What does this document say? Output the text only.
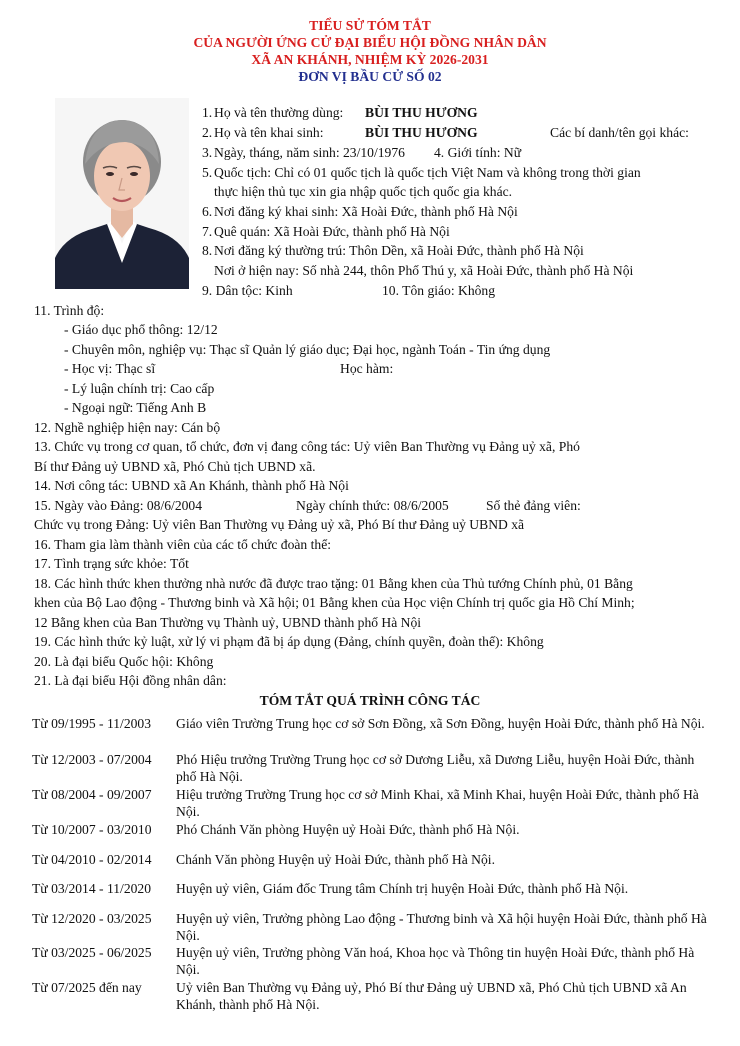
TIỂU SỬ TÓM TẮT
CỦA NGƯỜI ỨNG CỬ ĐẠI BIỂU HỘI ĐỒNG NHÂN DÂN
XÃ AN KHÁNH, NHIỆM KỲ 2026-2031
ĐƠN VỊ BẦU CỬ SỐ 02
1. Họ và tên thường dùng: BÙI THU HƯƠNG
2. Họ và tên khai sinh:	BÙI THU HƯƠNG	Các bí danh/tên gọi khác:
3. Ngày, tháng, năm sinh: 23/10/1976 4. Giới tính: Nữ
5. Quốc tịch: Chỉ có 01 quốc tịch là quốc tịch Việt Nam và không trong thời gian
thực hiện thủ tục xin gia nhập quốc tịch quốc gia khác.
6. Nơi đăng ký khai sinh: Xã Hoài Đức, thành phố Hà Nội
7. Quê quán: Xã Hoài Đức, thành phố Hà Nội
8. Nơi đăng ký thường trú: Thôn Dền, xã Hoài Đức, thành phố Hà Nội
Nơi ở hiện nay: Số nhà 244, thôn Phố Thú y, xã Hoài Đức, thành phố Hà Nội
9. Dân tộc: Kinh	10. Tôn giáo: Không
11. Trình độ:
- Giáo dục phổ thông: 12/12
- Chuyên môn, nghiệp vụ: Thạc sĩ Quản lý giáo dục; Đại học, ngành Toán - Tin ứng dụng
- Học vị: Thạc sĩ	Học hàm:
- Lý luận chính trị: Cao cấp
- Ngoại ngữ: Tiếng Anh B
12. Nghề nghiệp hiện nay: Cán bộ
13. Chức vụ trong cơ quan, tổ chức, đơn vị đang công tác: Uỷ viên Ban Thường vụ Đảng uỷ xã, Phó
Bí thư Đảng uỷ UBND xã, Phó Chủ tịch UBND xã.
14. Nơi công tác: UBND xã An Khánh, thành phố Hà Nội
15. Ngày vào Đảng: 08/6/2004	Ngày chính thức: 08/6/2005	Số thẻ đảng viên:
Chức vụ trong Đảng: Uỷ viên Ban Thường vụ Đảng uỷ xã, Phó Bí thư Đảng uỷ UBND xã
16. Tham gia làm thành viên của các tổ chức đoàn thể:
17. Tình trạng sức khỏe: Tốt
18. Các hình thức khen thưởng nhà nước đã được trao tặng: 01 Bằng khen của Thủ tướng Chính phủ, 01 Bằng
khen của Bộ Lao động - Thương binh và Xã hội; 01 Bằng khen của Học viện Chính trị quốc gia Hồ Chí Minh;
12 Bằng khen của Ban Thường vụ Thành uỷ, UBND thành phố Hà Nội
19. Các hình thức kỷ luật, xử lý vi phạm đã bị áp dụng (Đảng, chính quyền, đoàn thể): Không
20. Là đại biểu Quốc hội: Không
21. Là đại biểu Hội đồng nhân dân:
TÓM TẮT QUÁ TRÌNH CÔNG TÁC
Từ 09/1995 - 11/2003 Giáo viên Trường Trung học cơ sở Sơn Đồng, xã Sơn Đồng, huyện Hoài Đức, thành phố Hà Nội.
Từ 12/2003 - 07/2004 Phó Hiệu trưởng Trường Trung học cơ sở Dương Liễu, xã Dương Liễu, huyện Hoài Đức, thành phố Hà Nội.
Từ 08/2004 - 09/2007 Hiệu trưởng Trường Trung học cơ sở Minh Khai, xã Minh Khai, huyện Hoài Đức, thành phố Hà Nội.
Từ 10/2007 - 03/2010 Phó Chánh Văn phòng Huyện uỷ Hoài Đức, thành phố Hà Nội.
Từ 04/2010 - 02/2014 Chánh Văn phòng Huyện uỷ Hoài Đức, thành phố Hà Nội.
Từ 03/2014 - 11/2020 Huyện uỷ viên, Giám đốc Trung tâm Chính trị huyện Hoài Đức, thành phố Hà Nội.
Từ 12/2020 - 03/2025 Huyện uỷ viên, Trưởng phòng Lao động - Thương binh và Xã hội huyện Hoài Đức, thành phố Hà Nội.
Từ 03/2025 - 06/2025 Huyện uỷ viên, Trưởng phòng Văn hoá, Khoa học và Thông tin huyện Hoài Đức, thành phố Hà Nội.
Từ 07/2025 đến nay	Uỷ viên Ban Thường vụ Đảng uỷ, Phó Bí thư Đảng uỷ UBND xã, Phó Chủ tịch UBND xã An Khánh, thành phố Hà Nội.
